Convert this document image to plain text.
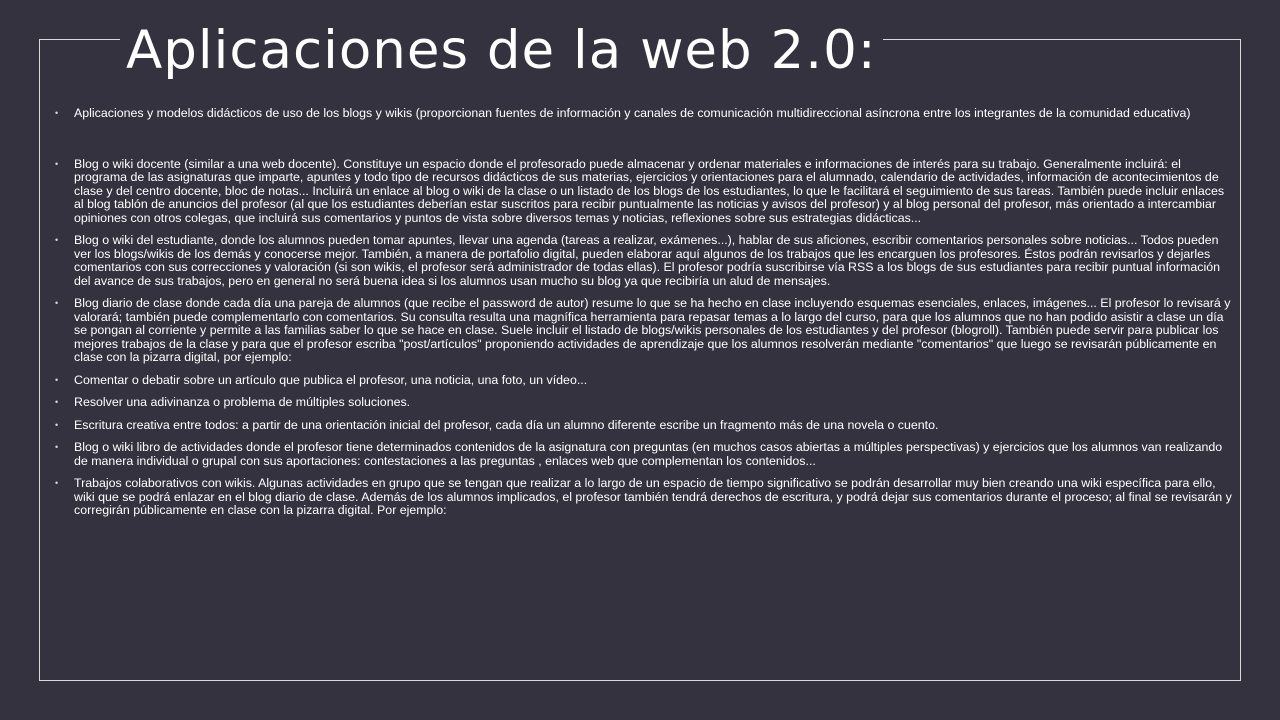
Aplicaciones de la web 2.0:
• Aplicaciones y modelos didácticos de uso de los blogs y wikis (proporcionan fuentes de información y canales de comunicación multidireccional asíncrona entre los integrantes de la comunidad educativa)
• Blog o wiki docente (similar a una web docente). Constituye un espacio donde el profesorado puede almacenar y ordenar materiales e informaciones de interés para su trabajo. Generalmente incluirá: el programa de las asignaturas que imparte, apuntes y todo tipo de recursos didácticos de sus materias, ejercicios y orientaciones para el alumnado, calendario de actividades, información de acontecimientos de clase y del centro docente, bloc de notas... Incluirá un enlace al blog o wiki de la clase o un listado de los blogs de los estudiantes, lo que le facilitará el seguimiento de sus tareas. También puede incluir enlaces al blog tablón de anuncios del profesor (al que los estudiantes deberían estar suscritos para recibir puntualmente las noticias y avisos del profesor) y al blog personal del profesor, más orientado a intercambiar opiniones con otros colegas, que incluirá sus comentarios y puntos de vista sobre diversos temas y noticias, reflexiones sobre sus estrategias didácticas...
• Blog o wiki del estudiante, donde los alumnos pueden tomar apuntes, llevar una agenda (tareas a realizar, exámenes...), hablar de sus aficiones, escribir comentarios personales sobre noticias... Todos pueden ver los blogs/wikis de los demás y conocerse mejor. También, a manera de portafolio digital, pueden elaborar aquí algunos de los trabajos que les encarguen los profesores. Éstos podrán revisarlos y dejarles comentarios con sus correcciones y valoración (si son wikis, el profesor será administrador de todas ellas). El profesor podría suscribirse vía RSS a los blogs de sus estudiantes para recibir puntual información del avance de sus trabajos, pero en general no será buena idea si los alumnos usan mucho su blog ya que recibiría un alud de mensajes.
• Blog diario de clase donde cada día una pareja de alumnos (que recibe el password de autor) resume lo que se ha hecho en clase incluyendo esquemas esenciales, enlaces, imágenes... El profesor lo revisará y valorará; también puede complementarlo con comentarios. Su consulta resulta una magnífica herramienta para repasar temas a lo largo del curso, para que los alumnos que no han podido asistir a clase un día se pongan al corriente y permite a las familias saber lo que se hace en clase. Suele incluir el listado de blogs/wikis personales de los estudiantes y del profesor (blogroll). También puede servir para publicar los mejores trabajos de la clase y para que el profesor escriba "post/artículos" proponiendo actividades de aprendizaje que los alumnos resolverán mediante "comentarios" que luego se revisarán públicamente en clase con la pizarra digital, por ejemplo:
• Comentar o debatir sobre un artículo que publica el profesor, una noticia, una foto, un vídeo...
• Resolver una adivinanza o problema de múltiples soluciones.
• Escritura creativa entre todos: a partir de una orientación inicial del profesor, cada día un alumno diferente escribe un fragmento más de una novela o cuento.
• Blog o wiki libro de actividades donde el profesor tiene determinados contenidos de la asignatura con preguntas (en muchos casos abiertas a múltiples perspectivas) y ejercicios que los alumnos van realizando de manera individual o grupal con sus aportaciones: contestaciones a las preguntas , enlaces web que complementan los contenidos...
• Trabajos colaborativos con wikis. Algunas actividades en grupo que se tengan que realizar a lo largo de un espacio de tiempo significativo se podrán desarrollar muy bien creando una wiki específica para ello, wiki que se podrá enlazar en el blog diario de clase. Además de los alumnos implicados, el profesor también tendrá derechos de escritura, y podrá dejar sus comentarios durante el proceso; al final se revisarán y corregirán públicamente en clase con la pizarra digital. Por ejemplo:
